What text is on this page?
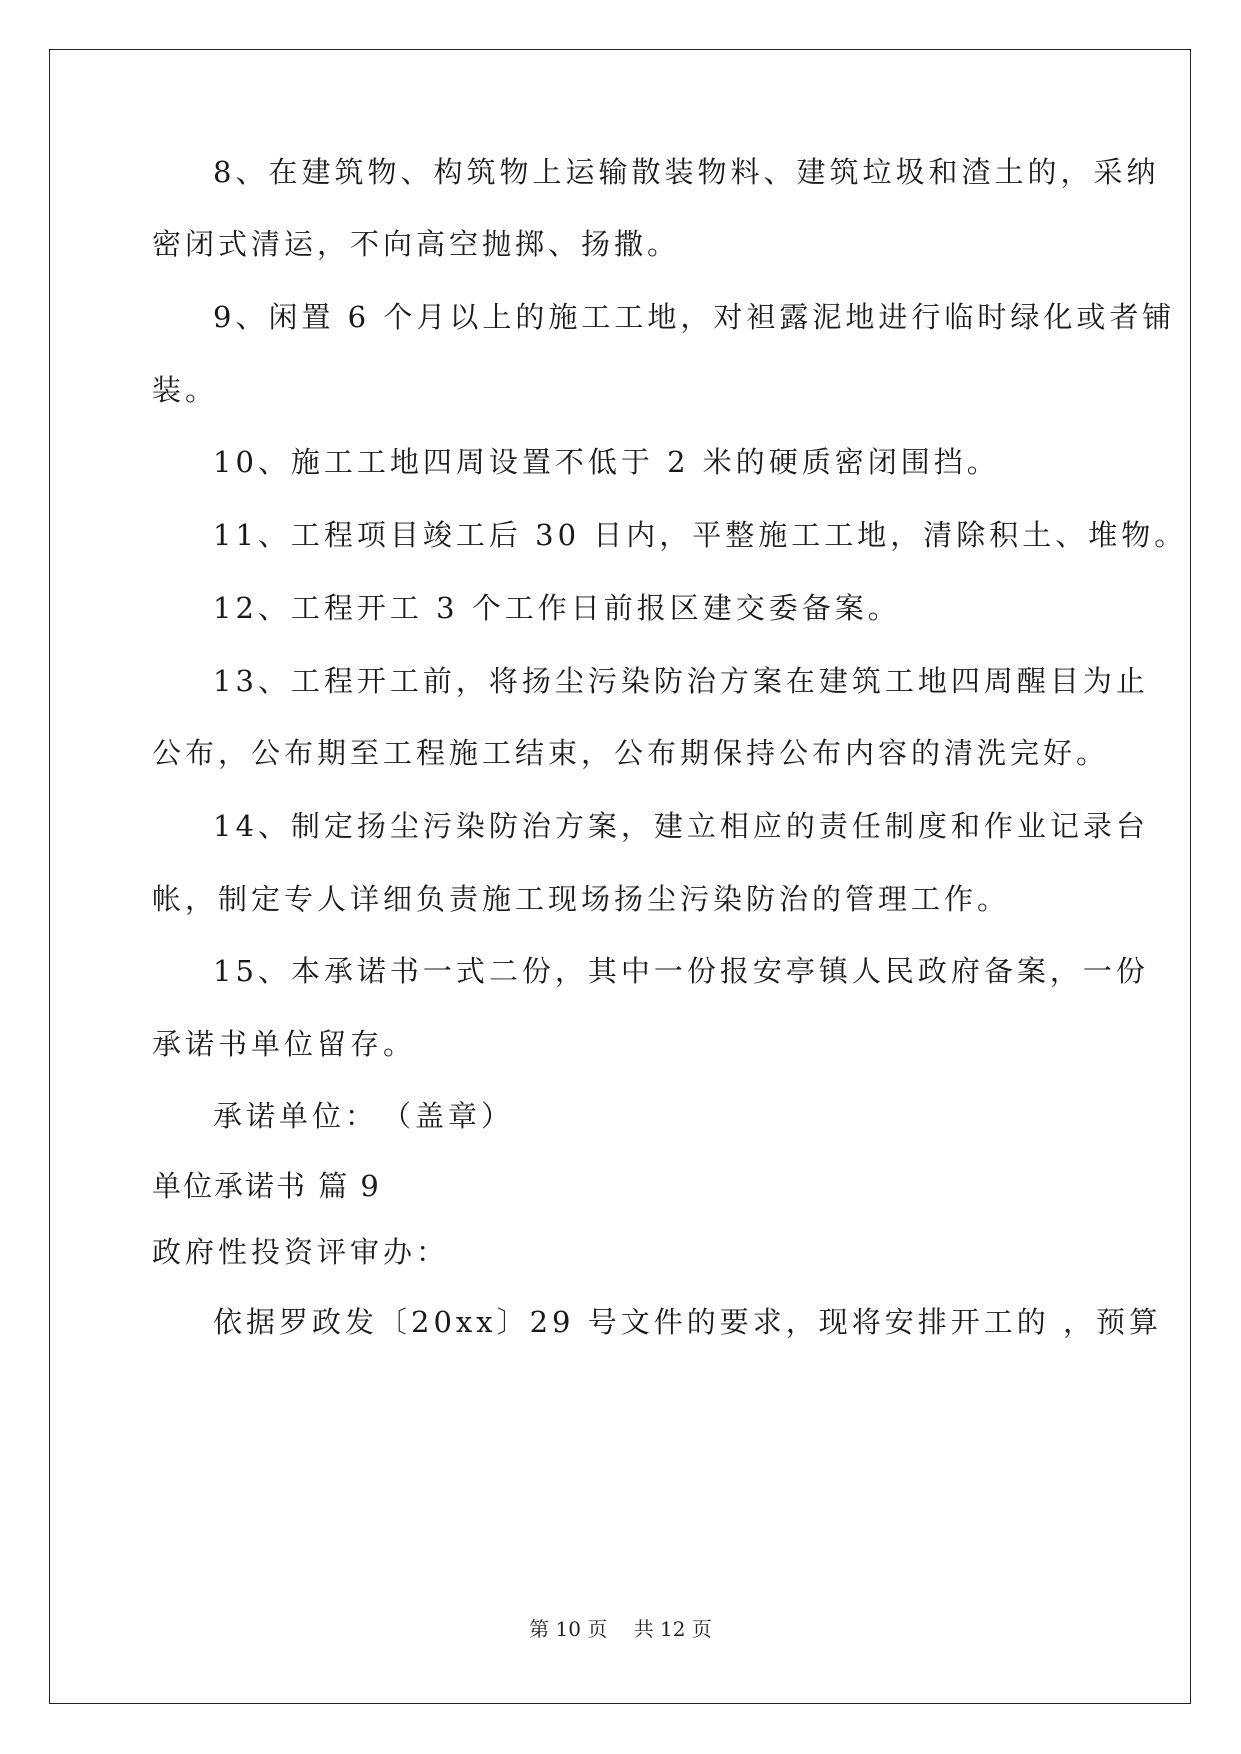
8、在建筑物、构筑物上运输散装物料、建筑垃圾和渣土的，采纳
密闭式清运，不向高空抛掷、扬撒。
9、闲置 6 个月以上的施工工地，对袒露泥地进行临时绿化或者铺
装。
10、施工工地四周设置不低于 2 米的硬质密闭围挡。
11、工程项目竣工后 30 日内，平整施工工地，清除积土、堆物。
12、工程开工 3 个工作日前报区建交委备案。
13、工程开工前，将扬尘污染防治方案在建筑工地四周醒目为止
公布，公布期至工程施工结束，公布期保持公布内容的清洗完好。
14、制定扬尘污染防治方案，建立相应的责任制度和作业记录台
帐，制定专人详细负责施工现场扬尘污染防治的管理工作。
15、本承诺书一式二份，其中一份报安亭镇人民政府备案，一份
承诺书单位留存。
承诺单位：　（盖章）
单位承诺书 篇 9
政府性投资评审办：
依据罗政发〔20xx〕29 号文件的要求，现将安排开工的 ，预算
第 10 页　 共 12 页
